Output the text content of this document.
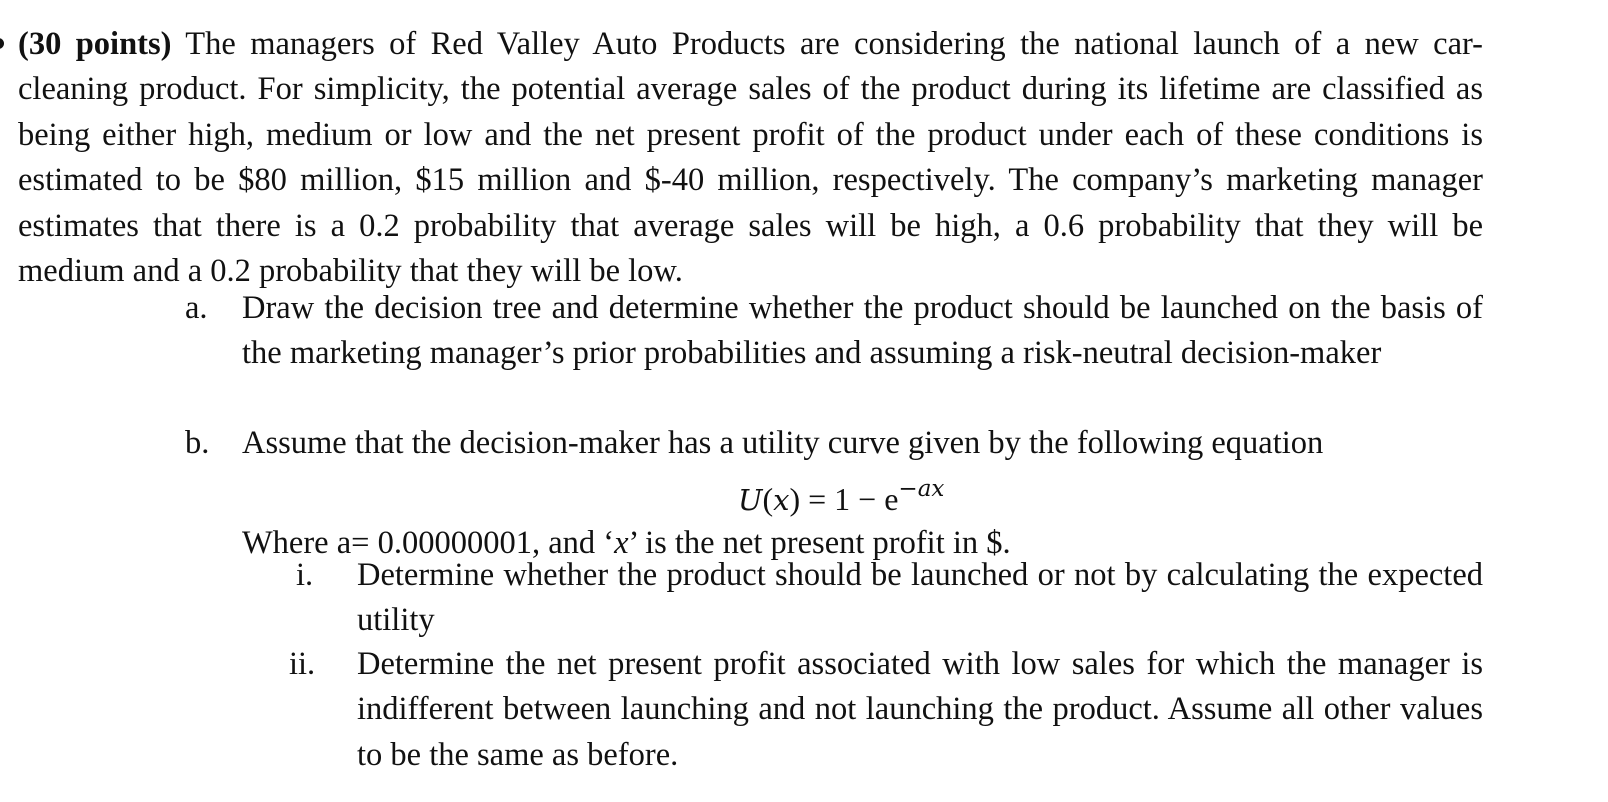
(30 points) The managers of Red Valley Auto Products are considering the national launch of a new car-cleaning product. For simplicity, the potential average sales of the product during its lifetime are classified as being either high, medium or low and the net present profit of the product under each of these conditions is estimated to be $80 million, $15 million and $-40 million, respectively. The company’s marketing manager estimates that there is a 0.2 probability that average sales will be high, a 0.6 probability that they will be medium and a 0.2 probability that they will be low.

a. Draw the decision tree and determine whether the product should be launched on the basis of the marketing manager’s prior probabilities and assuming a risk-neutral decision-maker

b. Assume that the decision-maker has a utility curve given by the following equation

$U(x) = 1 - e^{-ax}$
Where a= 0.00000001, and ‘x’ is the net present profit in $.
i. Determine whether the product should be launched or not by calculating the expected utility

ii. Determine the net present profit associated with low sales for which the manager is indifferent between launching and not launching the product. Assume all other values to be the same as before.
